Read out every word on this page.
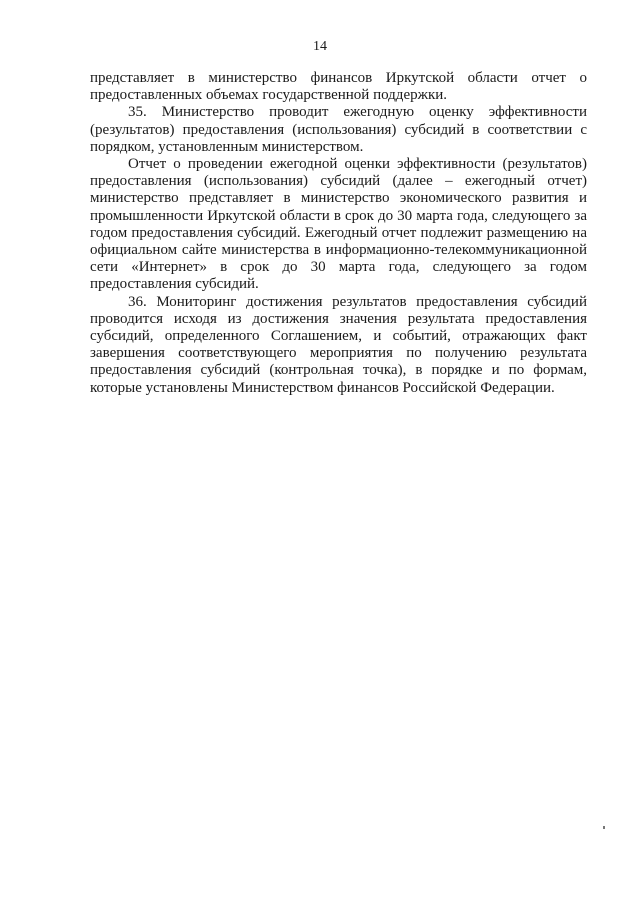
14

представляет в министерство финансов Иркутской области отчет о предоставленных объемах государственной поддержки.

35. Министерство проводит ежегодную оценку эффективности (результатов) предоставления (использования) субсидий в соответствии с порядком, установленным министерством.

Отчет о проведении ежегодной оценки эффективности (результатов) предоставления (использования) субсидий (далее – ежегодный отчет) министерство представляет в министерство экономического развития и промышленности Иркутской области в срок до 30 марта года, следующего за годом предоставления субсидий. Ежегодный отчет подлежит размещению на официальном сайте министерства в информационно-телекоммуникационной сети «Интернет» в срок до 30 марта года, следующего за годом предоставления субсидий.

36. Мониторинг достижения результатов предоставления субсидий проводится исходя из достижения значения результата предоставления субсидий, определенного Соглашением, и событий, отражающих факт завершения соответствующего мероприятия по получению результата предоставления субсидий (контрольная точка), в порядке и по формам, которые установлены Министерством финансов Российской Федерации.
